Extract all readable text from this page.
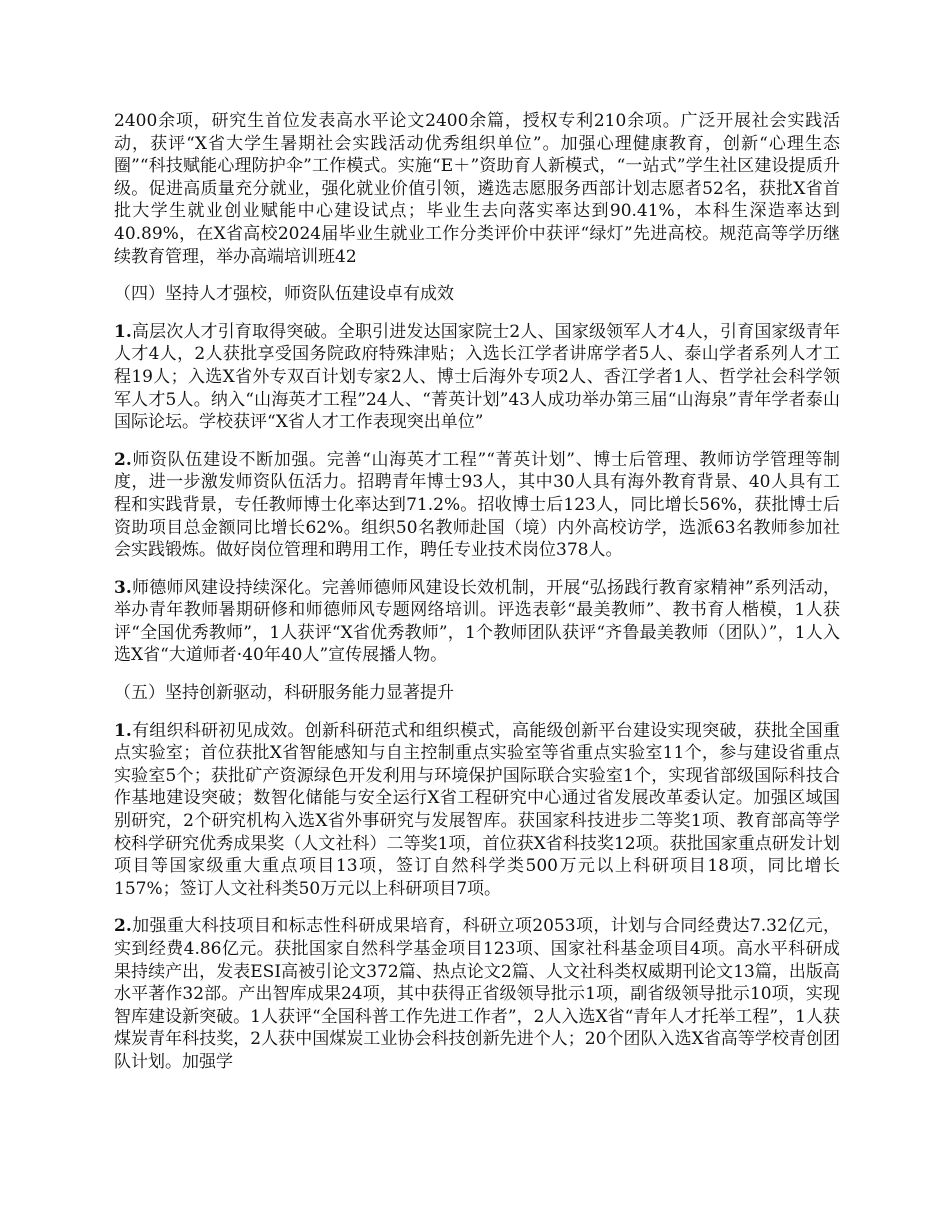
2400余项，研究生首位发表高水平论文2400余篇，授权专利210余项。广泛开展社会实践活动，获评“X省大学生暑期社会实践活动优秀组织单位”。加强心理健康教育，创新“心理生态圈”“科技赋能心理防护伞”工作模式。实施“E＋”资助育人新模式，“一站式”学生社区建设提质升级。促进高质量充分就业，强化就业价值引领，遴选志愿服务西部计划志愿者52名，获批X省首批大学生就业创业赋能中心建设试点；毕业生去向落实率达到90.41%，本科生深造率达到40.89%，在X省高校2024届毕业生就业工作分类评价中获评“绿灯”先进高校。规范高等学历继续教育管理，举办高端培训班42

（四）坚持人才强校，师资队伍建设卓有成效

1.高层次人才引育取得突破。全职引进发达国家院士2人、国家级领军人才4人，引育国家级青年人才4人，2人获批享受国务院政府特殊津贴；入选长江学者讲席学者5人、泰山学者系列人才工程19人；入选X省外专双百计划专家2人、博士后海外专项2人、香江学者1人、哲学社会科学领军人才5人。纳入“山海英才工程”24人、“菁英计划”43人成功举办第三届“山海泉”青年学者泰山国际论坛。学校获评“X省人才工作表现突出单位”

2.师资队伍建设不断加强。完善“山海英才工程”“菁英计划”、博士后管理、教师访学管理等制度，进一步激发师资队伍活力。招聘青年博士93人，其中30人具有海外教育背景、40人具有工程和实践背景，专任教师博士化率达到71.2%。招收博士后123人，同比增长56%，获批博士后资助项目总金额同比增长62%。组织50名教师赴国（境）内外高校访学，选派63名教师参加社会实践锻炼。做好岗位管理和聘用工作，聘任专业技术岗位378人。

3.师德师风建设持续深化。完善师德师风建设长效机制，开展“弘扬践行教育家精神”系列活动，举办青年教师暑期研修和师德师风专题网络培训。评选表彰“最美教师”、教书育人楷模，1人获评“全国优秀教师”，1人获评“X省优秀教师”，1个教师团队获评“齐鲁最美教师（团队）”，1人入选X省“大道师者·40年40人”宣传展播人物。

（五）坚持创新驱动，科研服务能力显著提升

1.有组织科研初见成效。创新科研范式和组织模式，高能级创新平台建设实现突破，获批全国重点实验室；首位获批X省智能感知与自主控制重点实验室等省重点实验室11个，参与建设省重点实验室5个；获批矿产资源绿色开发利用与环境保护国际联合实验室1个，实现省部级国际科技合作基地建设突破；数智化储能与安全运行X省工程研究中心通过省发展改革委认定。加强区域国别研究，2个研究机构入选X省外事研究与发展智库。获国家科技进步二等奖1项、教育部高等学校科学研究优秀成果奖（人文社科）二等奖1项，首位获X省科技奖12项。获批国家重点研发计划项目等国家级重大重点项目13项，签订自然科学类500万元以上科研项目18项，同比增长157%；签订人文社科类50万元以上科研项目7项。

2.加强重大科技项目和标志性科研成果培育，科研立项2053项，计划与合同经费达7.32亿元，实到经费4.86亿元。获批国家自然科学基金项目123项、国家社科基金项目4项。高水平科研成果持续产出，发表ESI高被引论文372篇、热点论文2篇、人文社科类权威期刊论文13篇，出版高水平著作32部。产出智库成果24项，其中获得正省级领导批示1项，副省级领导批示10项，实现智库建设新突破。1人获评“全国科普工作先进工作者”，2人入选X省“青年人才托举工程”，1人获煤炭青年科技奖，2人获中国煤炭工业协会科技创新先进个人；20个团队入选X省高等学校青创团队计划。加强学
